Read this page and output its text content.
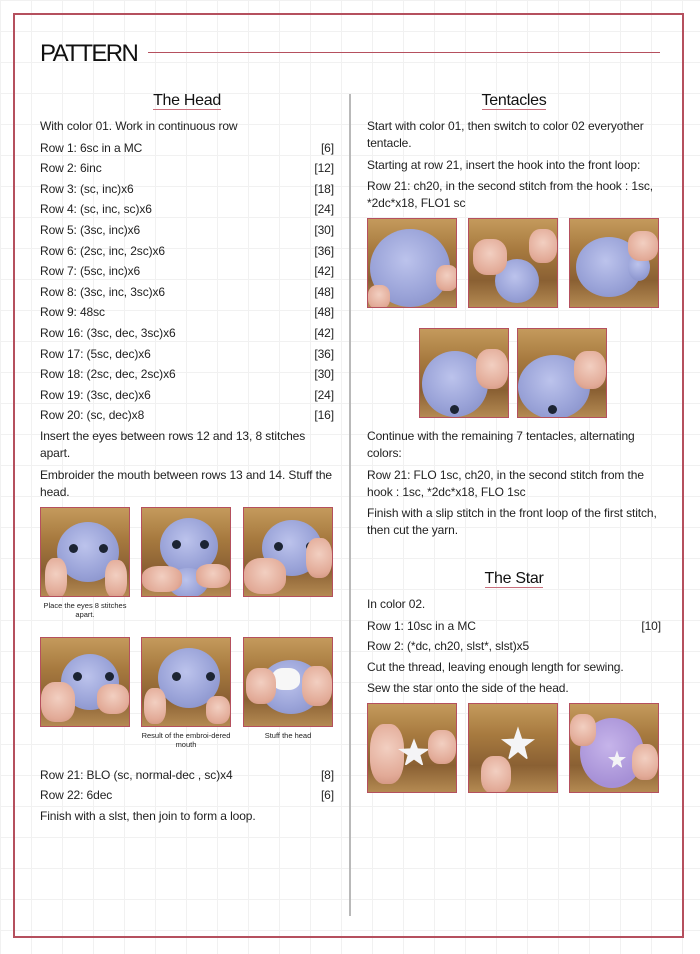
PATTERN
The Head
With color 01. Work in continuous row
Row 1: 6sc in a MC	[6]
Row 2: 6inc	[12]
Row 3: (sc, inc)x6	[18]
Row 4: (sc, inc, sc)x6	[24]
Row 5: (3sc, inc)x6	[30]
Row 6: (2sc, inc, 2sc)x6	[36]
Row 7: (5sc, inc)x6	[42]
Row 8: (3sc, inc, 3sc)x6	[48]
Row 9: 48sc	[48]
Row 16: (3sc, dec, 3sc)x6	[42]
Row 17: (5sc, dec)x6	[36]
Row 18: (2sc, dec, 2sc)x6	[30]
Row 19: (3sc, dec)x6	[24]
Row 20: (sc, dec)x8	[16]
Insert the eyes between rows 12 and 13, 8 stitches apart.
Embroider the mouth between rows 13 and 14. Stuff the head.
Place the eyes 8 stitches apart.
Result of the embroi-dered mouth
Stuff the head
Row 21: BLO (sc, normal-dec , sc)x4	[8]
Row 22: 6dec	[6]
Finish with a slst, then join to form a loop.
Tentacles
Start with color 01, then switch to color 02 everyother tentacle.
Starting at row 21, insert the hook into the front loop:
Row 21: ch20, in the second stitch from the hook : 1sc, *2dc*x18, FLO1 sc
Continue with the remaining 7 tentacles, alternating colors:
Row 21: FLO 1sc, ch20, in the second stitch from the hook : 1sc, *2dc*x18, FLO 1sc
Finish with a slip stitch in the front loop of the first stitch, then cut the yarn.
The Star
In color 02.
Row 1: 10sc in a MC	[10]
Row 2: (*dc, ch20, slst*, slst)x5
Cut the thread, leaving enough length for sewing.
Sew the star onto the side of the head.
